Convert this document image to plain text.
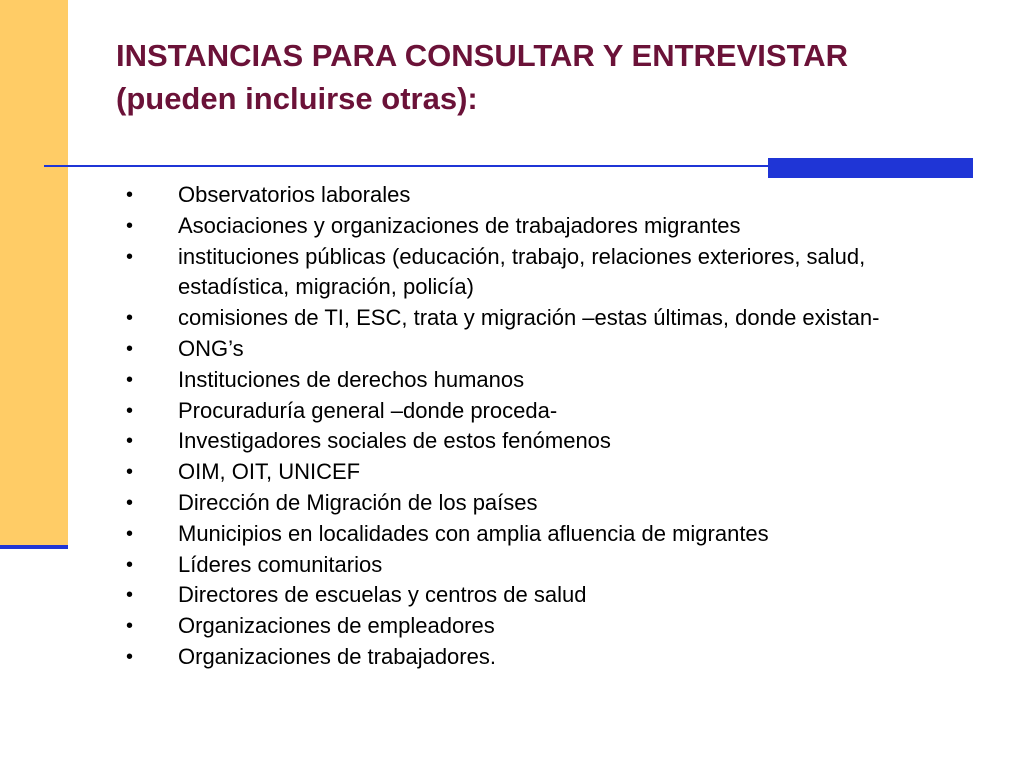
INSTANCIAS PARA CONSULTAR Y ENTREVISTAR
(pueden incluirse otras):
• Observatorios laborales
• Asociaciones y organizaciones de trabajadores migrantes
• instituciones públicas (educación, trabajo, relaciones exteriores, salud, estadística, migración, policía)
• comisiones de TI, ESC, trata y migración –estas últimas, donde existan-
• ONG’s
• Instituciones de derechos humanos
• Procuraduría general –donde proceda-
• Investigadores sociales de estos fenómenos
• OIM, OIT, UNICEF
• Dirección de Migración de los países
• Municipios en localidades con amplia afluencia de migrantes
• Líderes comunitarios
• Directores de escuelas y centros de salud
• Organizaciones de empleadores
• Organizaciones de trabajadores.
